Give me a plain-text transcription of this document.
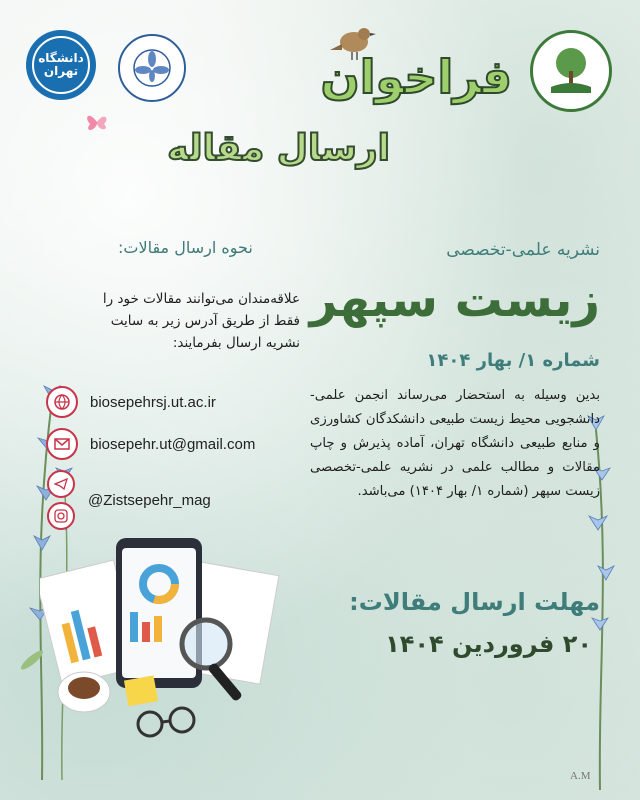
دانشگاه تهران	فراخوان
ارسال مقاله
نشریه علمی-تخصصی
زیست سپهر
شماره ۱/ بهار ۱۴۰۴
بدین وسیله به استحضار می‌رساند انجمن علمی- دانشجویی محیط زیست طبیعی دانشکدگان کشاورزی و منابع طبیعی دانشگاه تهران، آماده پذیرش و چاپ مقالات و مطالب علمی در نشریه علمی-تخصصی زیست سپهر (شماره ۱/ بهار ۱۴۰۴) می‌باشد.
مهلت ارسال مقالات:
۲۰ فروردین ۱۴۰۴
نحوه ارسال مقالات:
علاقه‌مندان می‌توانند مقالات خود را فقط از طریق آدرس زیر به سایت نشریه ارسال بفرمایند:
biosepehrsj.ut.ac.ir
biosepehr.ut@gmail.com
@Zistsepehr_mag
A.M
